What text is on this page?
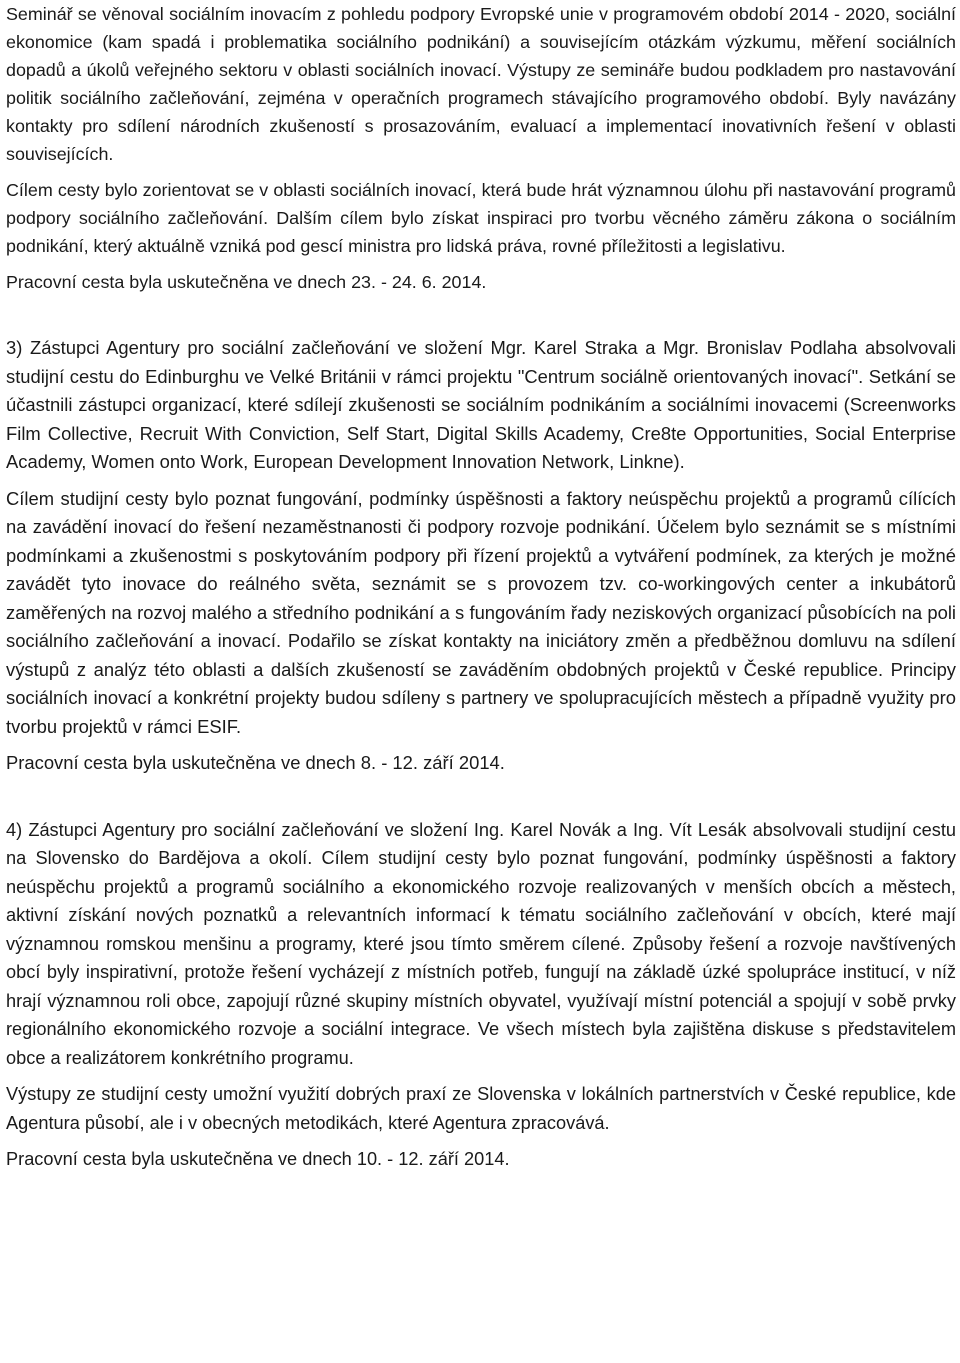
Seminář se věnoval sociálním inovacím z pohledu podpory Evropské unie v programovém období 2014 - 2020, sociální ekonomice (kam spadá i problematika sociálního podnikání) a souvisejícím otázkám výzkumu, měření sociálních dopadů a úkolů veřejného sektoru v oblasti sociálních inovací. Výstupy ze semináře budou podkladem pro nastavování politik sociálního začleňování, zejména v operačních programech stávajícího programového období. Byly navázány kontakty pro sdílení národních zkušeností s prosazováním, evaluací a implementací inovativních řešení v oblasti souvisejících.

Cílem cesty bylo zorientovat se v oblasti sociálních inovací, která bude hrát významnou úlohu při nastavování programů podpory sociálního začleňování. Dalším cílem bylo získat inspiraci pro tvorbu věcného záměru zákona o sociálním podnikání, který aktuálně vzniká pod gescí ministra pro lidská práva, rovné příležitosti a legislativu.

Pracovní cesta byla uskutečněna ve dnech 23. - 24. 6. 2014.

3) Zástupci Agentury pro sociální začleňování ve složení Mgr. Karel Straka a Mgr. Bronislav Podlaha absolvovali studijní cestu do Edinburghu ve Velké Británii v rámci projektu "Centrum sociálně orientovaných inovací". Setkání se účastnili zástupci organizací, které sdílejí zkušenosti se sociálním podnikáním a sociálními inovacemi (Screenworks Film Collective, Recruit With Conviction, Self Start, Digital Skills Academy, Cre8te Opportunities, Social Enterprise Academy, Women onto Work, European Development Innovation Network, Linkne).

Cílem studijní cesty bylo poznat fungování, podmínky úspěšnosti a faktory neúspěchu projektů a programů cílících na zavádění inovací do řešení nezaměstnanosti či podpory rozvoje podnikání. Účelem bylo seznámit se s místními podmínkami a zkušenostmi s poskytováním podpory při řízení projektů a vytváření podmínek, za kterých je možné zavádět tyto inovace do reálného světa, seznámit se s provozem tzv. co-workingových center a inkubátorů zaměřených na rozvoj malého a středního podnikání a s fungováním řady neziskových organizací působících na poli sociálního začleňování a inovací. Podařilo se získat kontakty na iniciátory změn a předběžnou domluvu na sdílení výstupů z analýz této oblasti a dalších zkušeností se zaváděním obdobných projektů v České republice. Principy sociálních inovací a konkrétní projekty budou sdíleny s partnery ve spolupracujících městech a případně využity pro tvorbu projektů v rámci ESIF.

Pracovní cesta byla uskutečněna ve dnech 8. - 12. září 2014.

4) Zástupci Agentury pro sociální začleňování ve složení Ing. Karel Novák a Ing. Vít Lesák absolvovali studijní cestu na Slovensko do Bardějova a okolí. Cílem studijní cesty bylo poznat fungování, podmínky úspěšnosti a faktory neúspěchu projektů a programů sociálního a ekonomického rozvoje realizovaných v menších obcích a městech, aktivní získání nových poznatků a relevantních informací k tématu sociálního začleňování v obcích, které mají významnou romskou menšinu a programy, které jsou tímto směrem cílené. Způsoby řešení a rozvoje navštívených obcí byly inspirativní, protože řešení vycházejí z místních potřeb, fungují na základě úzké spolupráce institucí, v níž hrají významnou roli obce, zapojují různé skupiny místních obyvatel, využívají místní potenciál a spojují v sobě prvky regionálního ekonomického rozvoje a sociální integrace. Ve všech místech byla zajištěna diskuse s představitelem obce a realizátorem konkrétního programu.

Výstupy ze studijní cesty umožní využití dobrých praxí ze Slovenska v lokálních partnerstvích v České republice, kde Agentura působí, ale i v obecných metodikách, které Agentura zpracovává.

Pracovní cesta byla uskutečněna ve dnech 10. - 12. září 2014.
